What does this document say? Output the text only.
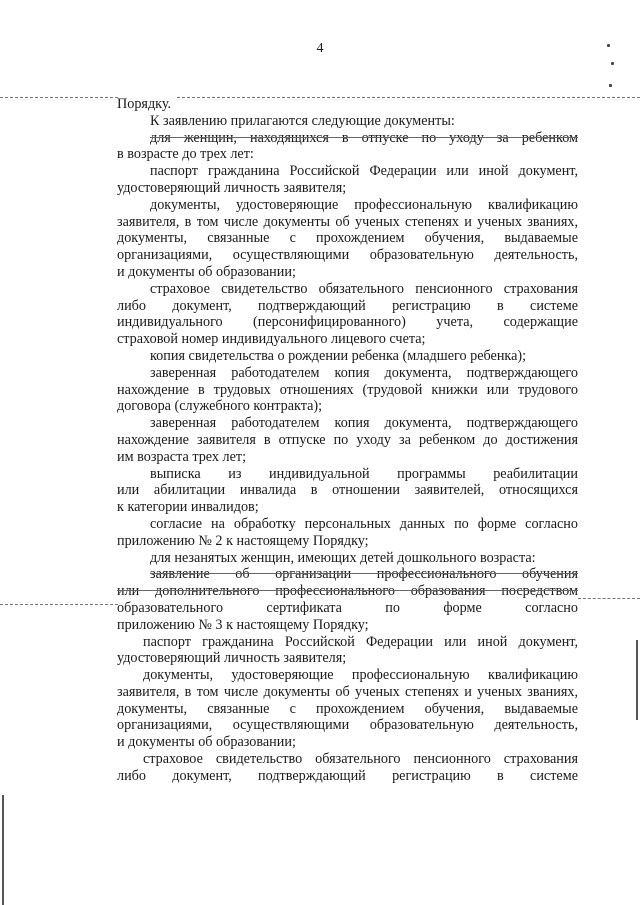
4
Порядку.
К заявлению прилагаются следующие документы:
для женщин, находящихся в отпуске по уходу за ребенком
в возрасте до трех лет:
паспорт гражданина Российской Федерации или иной документ,
удостоверяющий личность заявителя;
документы, удостоверяющие профессиональную квалификацию
заявителя, в том числе документы об ученых степенях и ученых званиях,
документы, связанные с прохождением обучения, выдаваемые
организациями, осуществляющими образовательную деятельность,
и документы об образовании;
страховое свидетельство обязательного пенсионного страхования
либо документ, подтверждающий регистрацию в системе
индивидуального (персонифицированного) учета, содержащие
страховой номер индивидуального лицевого счета;
копия свидетельства о рождении ребенка (младшего ребенка);
заверенная работодателем копия документа, подтверждающего
нахождение в трудовых отношениях (трудовой книжки или трудового
договора (служебного контракта);
заверенная работодателем копия документа, подтверждающего
нахождение заявителя в отпуске по уходу за ребенком до достижения
им возраста трех лет;
выписка из индивидуальной программы реабилитации
или абилитации инвалида в отношении заявителей, относящихся
к категории инвалидов;
согласие на обработку персональных данных по форме согласно
приложению № 2 к настоящему Порядку;
для незанятых женщин, имеющих детей дошкольного возраста:
заявление об организации профессионального обучения
или дополнительного профессионального образования посредством
образовательного сертификата по форме согласно
приложению № 3 к настоящему Порядку;
паспорт гражданина Российской Федерации или иной документ,
удостоверяющий личность заявителя;
документы, удостоверяющие профессиональную квалификацию
заявителя, в том числе документы об ученых степенях и ученых званиях,
документы, связанные с прохождением обучения, выдаваемые
организациями, осуществляющими образовательную деятельность,
и документы об образовании;
страховое свидетельство обязательного пенсионного страхования
либо документ, подтверждающий регистрацию в системе
